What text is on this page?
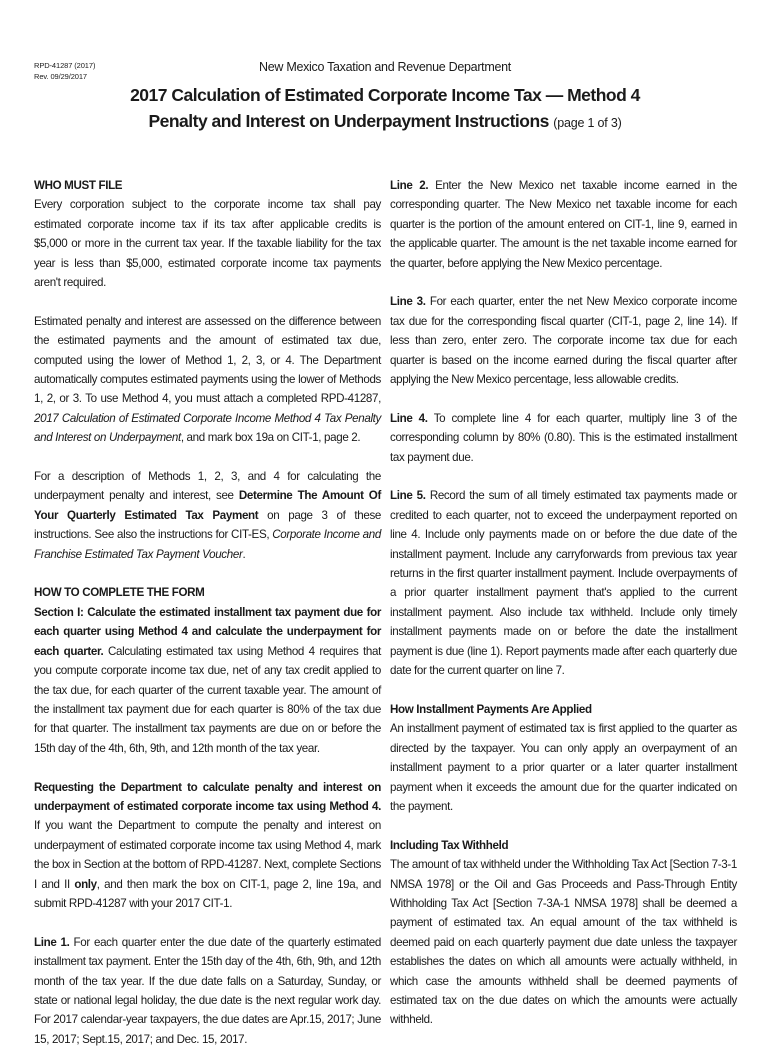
RPD-41287 (2017)
Rev. 09/29/2017
New Mexico Taxation and Revenue Department
2017 Calculation of Estimated Corporate Income Tax — Method 4
Penalty and Interest on Underpayment Instructions (page 1 of 3)

WHO MUST FILE
Every corporation subject to the corporate income tax shall pay estimated corporate income tax if its tax after applicable credits is $5,000 or more in the current tax year. If the taxable liability for the tax year is less than $5,000, estimated corporate income tax payments aren't required.

Estimated penalty and interest are assessed on the difference between the estimated payments and the amount of estimated tax due, computed using the lower of Method 1, 2, 3, or 4. The Department automatically computes estimated payments using the lower of Methods 1, 2, or 3. To use Method 4, you must attach a completed RPD-41287, 2017 Calculation of Estimated Corporate Income Method 4 Tax Penalty and Interest on Underpayment, and mark box 19a on CIT-1, page 2.

For a description of Methods 1, 2, 3, and 4 for calculating the underpayment penalty and interest, see Determine The Amount Of Your Quarterly Estimated Tax Payment on page 3 of these instructions. See also the instructions for CIT-ES, Corporate Income and Franchise Estimated Tax Payment Voucher.

HOW TO COMPLETE THE FORM
Section I: Calculate the estimated installment tax payment due for each quarter using Method 4 and calculate the underpayment for each quarter. Calculating estimated tax using Method 4 requires that you compute corporate income tax due, net of any tax credit applied to the tax due, for each quarter of the current taxable year. The amount of the installment tax payment due for each quarter is 80% of the tax due for that quarter. The installment tax payments are due on or before the 15th day of the 4th, 6th, 9th, and 12th month of the tax year.

Requesting the Department to calculate penalty and interest on underpayment of estimated corporate income tax using Method 4. If you want the Department to compute the penalty and interest on underpayment of estimated corporate income tax using Method 4, mark the box in Section at the bottom of RPD-41287. Next, complete Sections I and II only, and then mark the box on CIT-1, page 2, line 19a, and submit RPD-41287 with your 2017 CIT-1.

Line 1. For each quarter enter the due date of the quarterly estimated installment tax payment. Enter the 15th day of the 4th, 6th, 9th, and 12th month of the tax year. If the due date falls on a Saturday, Sunday, or state or national legal holiday, the due date is the next regular work day. For 2017 calendar-year taxpayers, the due dates are Apr.15, 2017; June 15, 2017; Sept.15, 2017; and Dec. 15, 2017.

Line 2. Enter the New Mexico net taxable income earned in the corresponding quarter. The New Mexico net taxable income for each quarter is the portion of the amount entered on CIT-1, line 9, earned in the applicable quarter. The amount is the net taxable income earned for the quarter, before applying the New Mexico percentage.

Line 3. For each quarter, enter the net New Mexico corporate income tax due for the corresponding fiscal quarter (CIT-1, page 2, line 14). If less than zero, enter zero. The corporate income tax due for each quarter is based on the income earned during the fiscal quarter after applying the New Mexico percentage, less allowable credits.

Line 4. To complete line 4 for each quarter, multiply line 3 of the corresponding column by 80% (0.80). This is the estimated installment tax payment due.

Line 5. Record the sum of all timely estimated tax payments made or credited to each quarter, not to exceed the underpayment reported on line 4. Include only payments made on or before the due date of the installment payment. Include any carryforwards from previous tax year returns in the first quarter installment payment. Include overpayments of a prior quarter installment payment that's applied to the current installment payment. Also include tax withheld. Include only timely installment payments made on or before the date the installment payment is due (line 1). Report payments made after each quarterly due date for the current quarter on line 7.

How Installment Payments Are Applied
An installment payment of estimated tax is first applied to the quarter as directed by the taxpayer. You can only apply an overpayment of an installment payment to a prior quarter or a later quarter installment payment when it exceeds the amount due for the quarter indicated on the payment.

Including Tax Withheld
The amount of tax withheld under the Withholding Tax Act [Section 7-3-1 NMSA 1978] or the Oil and Gas Proceeds and Pass-Through Entity Withholding Tax Act [Section 7-3A-1 NMSA 1978] shall be deemed a payment of estimated tax. An equal amount of the tax withheld is deemed paid on each quarterly payment due date unless the taxpayer establishes the dates on which all amounts were actually withheld, in which case the amounts withheld shall be deemed payments of estimated tax on the due dates on which the amounts were actually withheld.
